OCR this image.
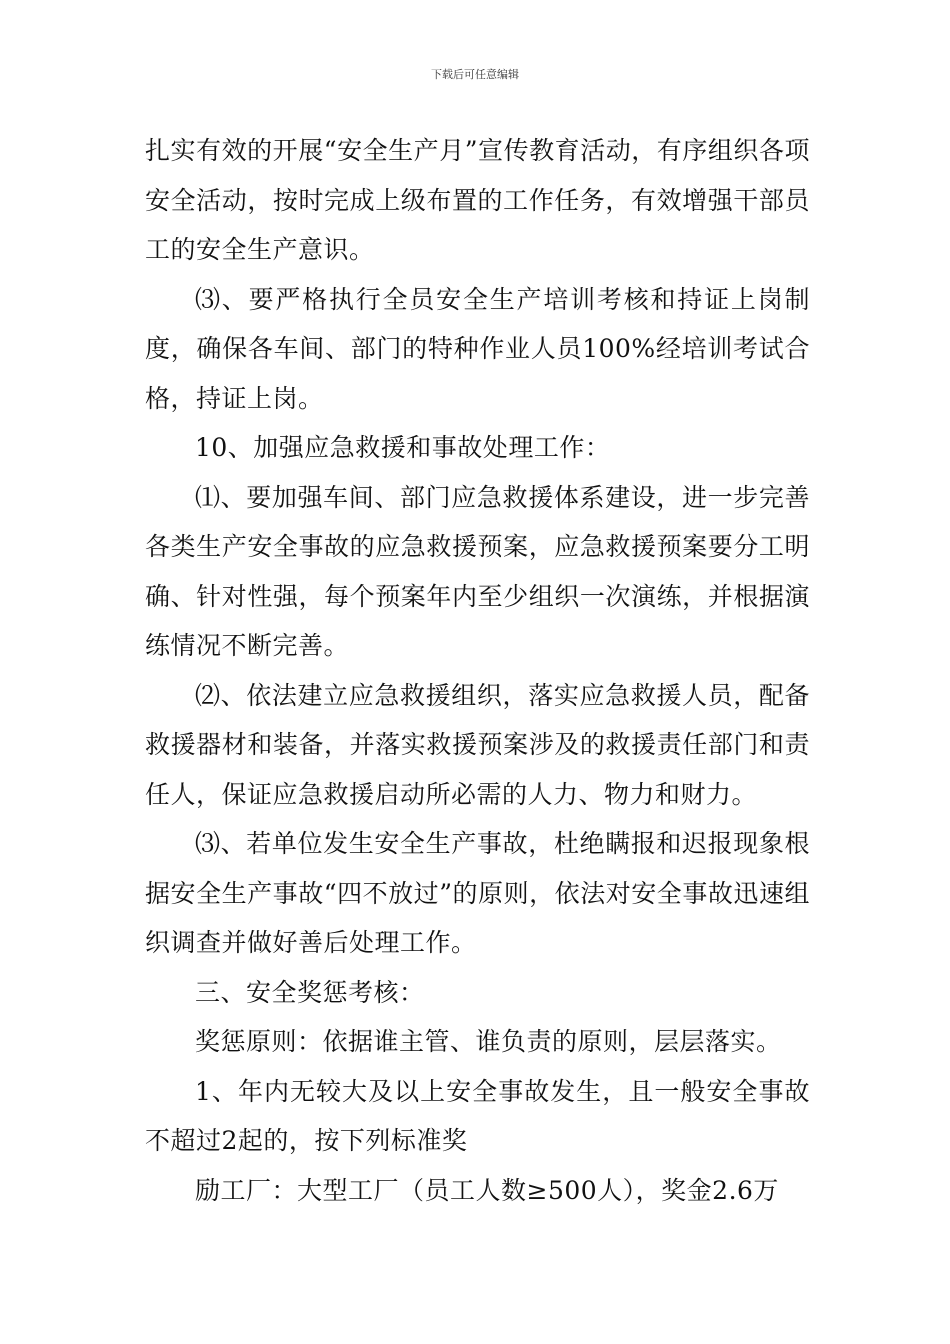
下载后可任意编辑

扎实有效的开展“安全生产月”宣传教育活动，有序组织各项安全活动，按时完成上级布置的工作任务，有效增强干部员工的安全生产意识。

⑶、要严格执行全员安全生产培训考核和持证上岗制度，确保各车间、部门的特种作业人员100%经培训考试合格，持证上岗。

10、加强应急救援和事故处理工作：

⑴、要加强车间、部门应急救援体系建设，进一步完善各类生产安全事故的应急救援预案，应急救援预案要分工明确、针对性强，每个预案年内至少组织一次演练，并根据演练情况不断完善。

⑵、依法建立应急救援组织，落实应急救援人员，配备救援器材和装备，并落实救援预案涉及的救援责任部门和责任人，保证应急救援启动所必需的人力、物力和财力。

⑶、若单位发生安全生产事故，杜绝瞒报和迟报现象根据安全生产事故“四不放过”的原则，依法对安全事故迅速组织调查并做好善后处理工作。

三、安全奖惩考核：

奖惩原则：依据谁主管、谁负责的原则，层层落实。

1、年内无较大及以上安全事故发生，且一般安全事故不超过2起的，按下列标准奖

励工厂：大型工厂（员工人数≥500人），奖金2.6万
